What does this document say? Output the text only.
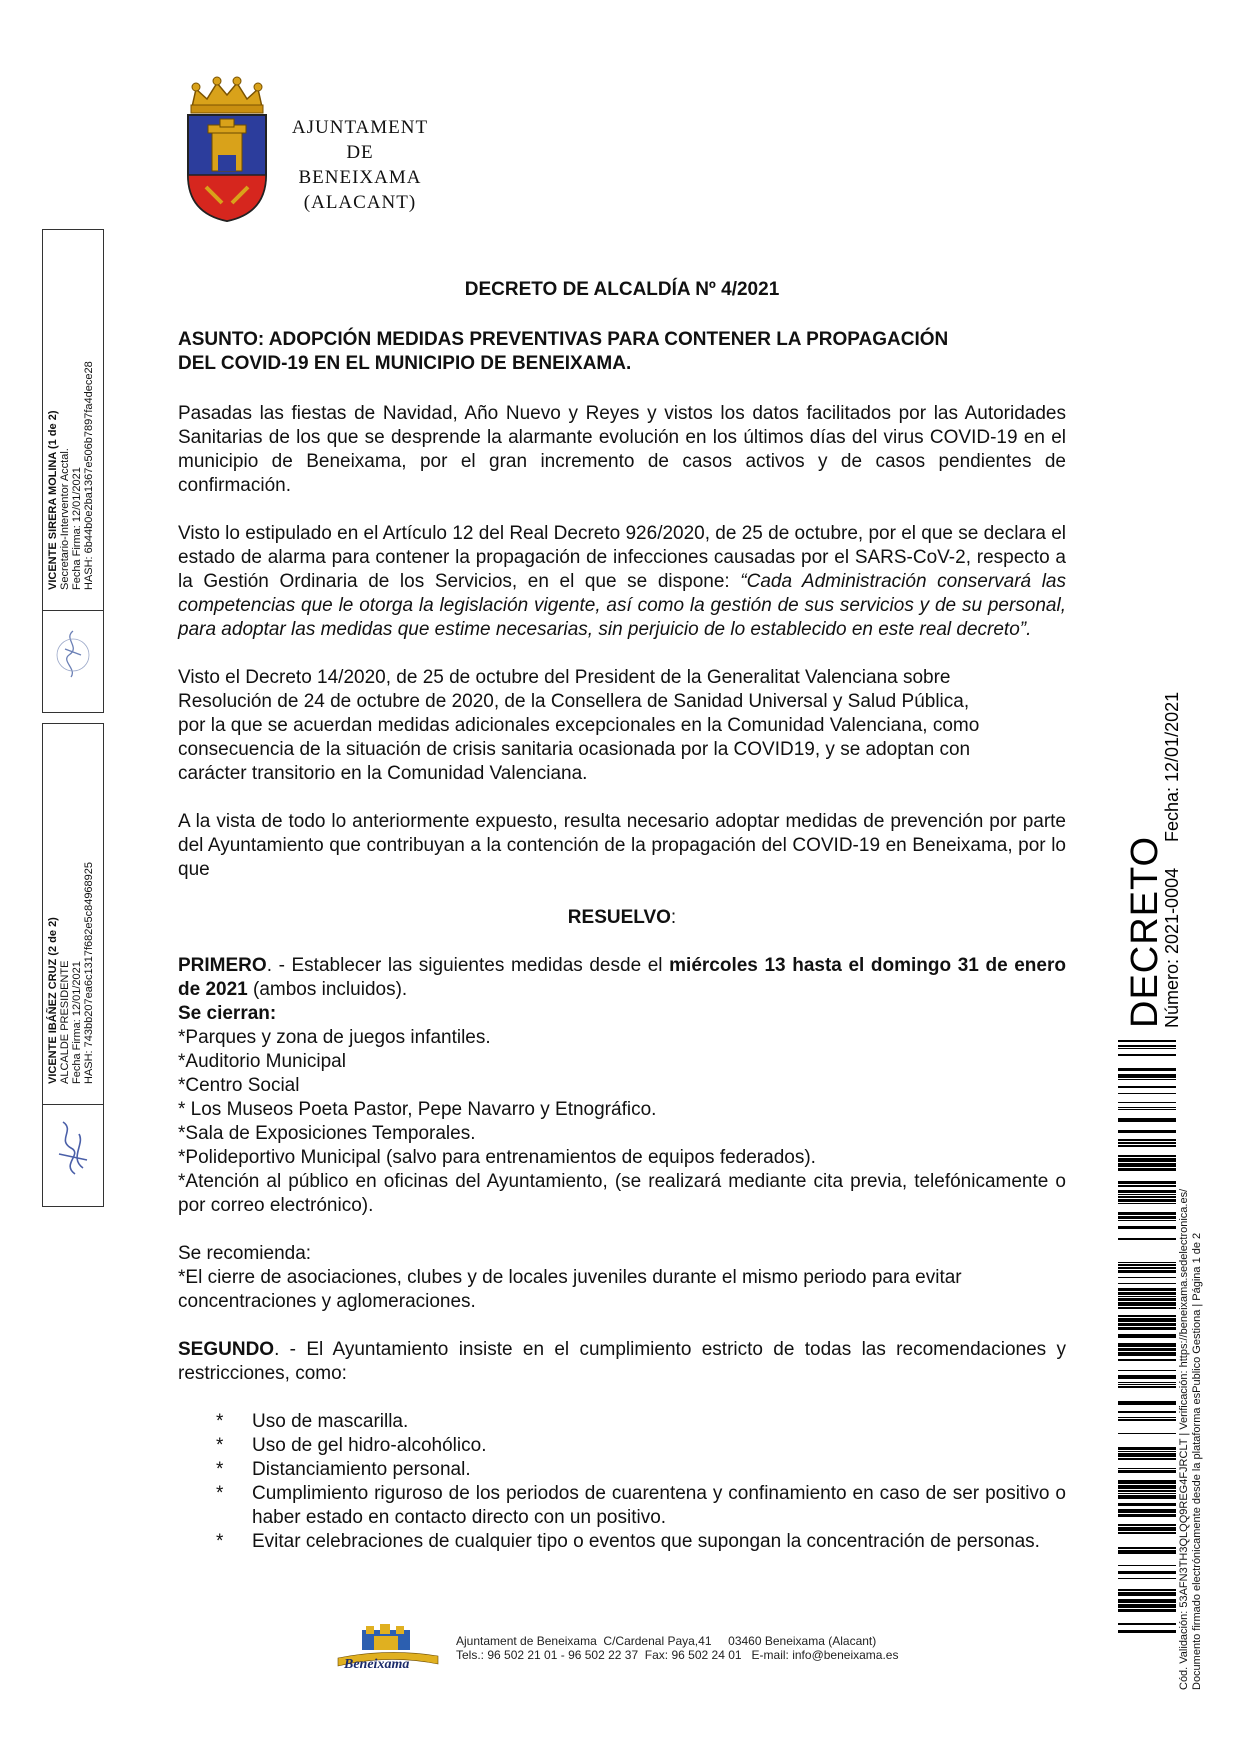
AJUNTAMENT
DE BENEIXAMA
(ALACANT)
VICENTE SIRERA MOLINA (1 de 2) Secretario-Interventor Acctal. Fecha Firma: 12/01/2021 HASH: 6b44b0e2ba1367e506b7897fa4dece28
VICENTE IBÁÑEZ CRUZ (2 de 2) ALCALDE PRESIDENTE Fecha Firma: 12/01/2021 HASH: 743bb207ea6c1317f682e5c84968925	DECRETO
Número: 2021-0004
Fecha: 12/01/2021
Cód. Validación: 53AFN3TH3QLQQ9REG4FJRCLT | Verificación: https://beneixama.sedelectronica.es/ Documento firmado electrónicamente desde la plataforma esPublico Gestiona | Página 1 de 2

DECRETO DE ALCALDÍA Nº 4/2021

ASUNTO: ADOPCIÓN MEDIDAS PREVENTIVAS PARA CONTENER LA PROPAGACIÓN

DEL COVID-19 EN EL MUNICIPIO DE BENEIXAMA.

Pasadas las fiestas de Navidad, Año Nuevo y Reyes y vistos los datos facilitados por las Autoridades Sanitarias de los que se desprende la alarmante evolución en los últimos días del virus COVID-19 en el municipio de Beneixama, por el gran incremento de casos activos y de casos pendientes de confirmación.

Visto lo estipulado en el Artículo 12 del Real Decreto 926/2020, de 25 de octubre, por el que se declara el estado de alarma para contener la propagación de infecciones causadas por el SARS-CoV-2, respecto a la Gestión Ordinaria de los Servicios, en el que se dispone: “Cada Administración conservará las competencias que le otorga la legislación vigente, así como la gestión de sus servicios y de su personal, para adoptar las medidas que estime necesarias, sin perjuicio de lo establecido en este real decreto”.

Visto el Decreto 14/2020, de 25 de octubre del President de la Generalitat Valenciana sobre

Resolución de 24 de octubre de 2020, de la Consellera de Sanidad Universal y Salud Pública,

por la que se acuerdan medidas adicionales excepcionales en la Comunidad Valenciana, como

consecuencia de la situación de crisis sanitaria ocasionada por la COVID19, y se adoptan con

carácter transitorio en la Comunidad Valenciana.

A la vista de todo lo anteriormente expuesto, resulta necesario adoptar medidas de prevención por parte del Ayuntamiento que contribuyan a la contención de la propagación del COVID-19 en Beneixama, por lo que

RESUELVO:

PRIMERO. - Establecer las siguientes medidas desde el miércoles 13 hasta el domingo 31 de enero de 2021 (ambos incluidos).

Se cierran:

*Parques y zona de juegos infantiles.

*Auditorio Municipal

*Centro Social

* Los Museos Poeta Pastor, Pepe Navarro y Etnográfico.

*Sala de Exposiciones Temporales.

*Polideportivo Municipal (salvo para entrenamientos de equipos federados).

*Atención al público en oficinas del Ayuntamiento, (se realizará mediante cita previa, telefónicamente o por correo electrónico).

Se recomienda:

*El cierre de asociaciones, clubes y de locales juveniles durante el mismo periodo para evitar

concentraciones y aglomeraciones.

SEGUNDO. - El Ayuntamiento insiste en el cumplimiento estricto de todas las recomendaciones y restricciones, como:

* Uso de mascarilla.
* Uso de gel hidro-alcohólico.
* Distanciamiento personal.
* Cumplimiento riguroso de los periodos de cuarentena y confinamiento en caso de ser positivo o haber estado en contacto directo con un positivo.
* Evitar celebraciones de cualquier tipo o eventos que supongan la concentración de personas.
Beneixama
Ajuntament de Beneixama  C/Cardenal Paya,41     03460 Beneixama (Alacant)
Tels.: 96 502 21 01 - 96 502 22 37  Fax: 96 502 24 01   E-mail: info@beneixama.es
